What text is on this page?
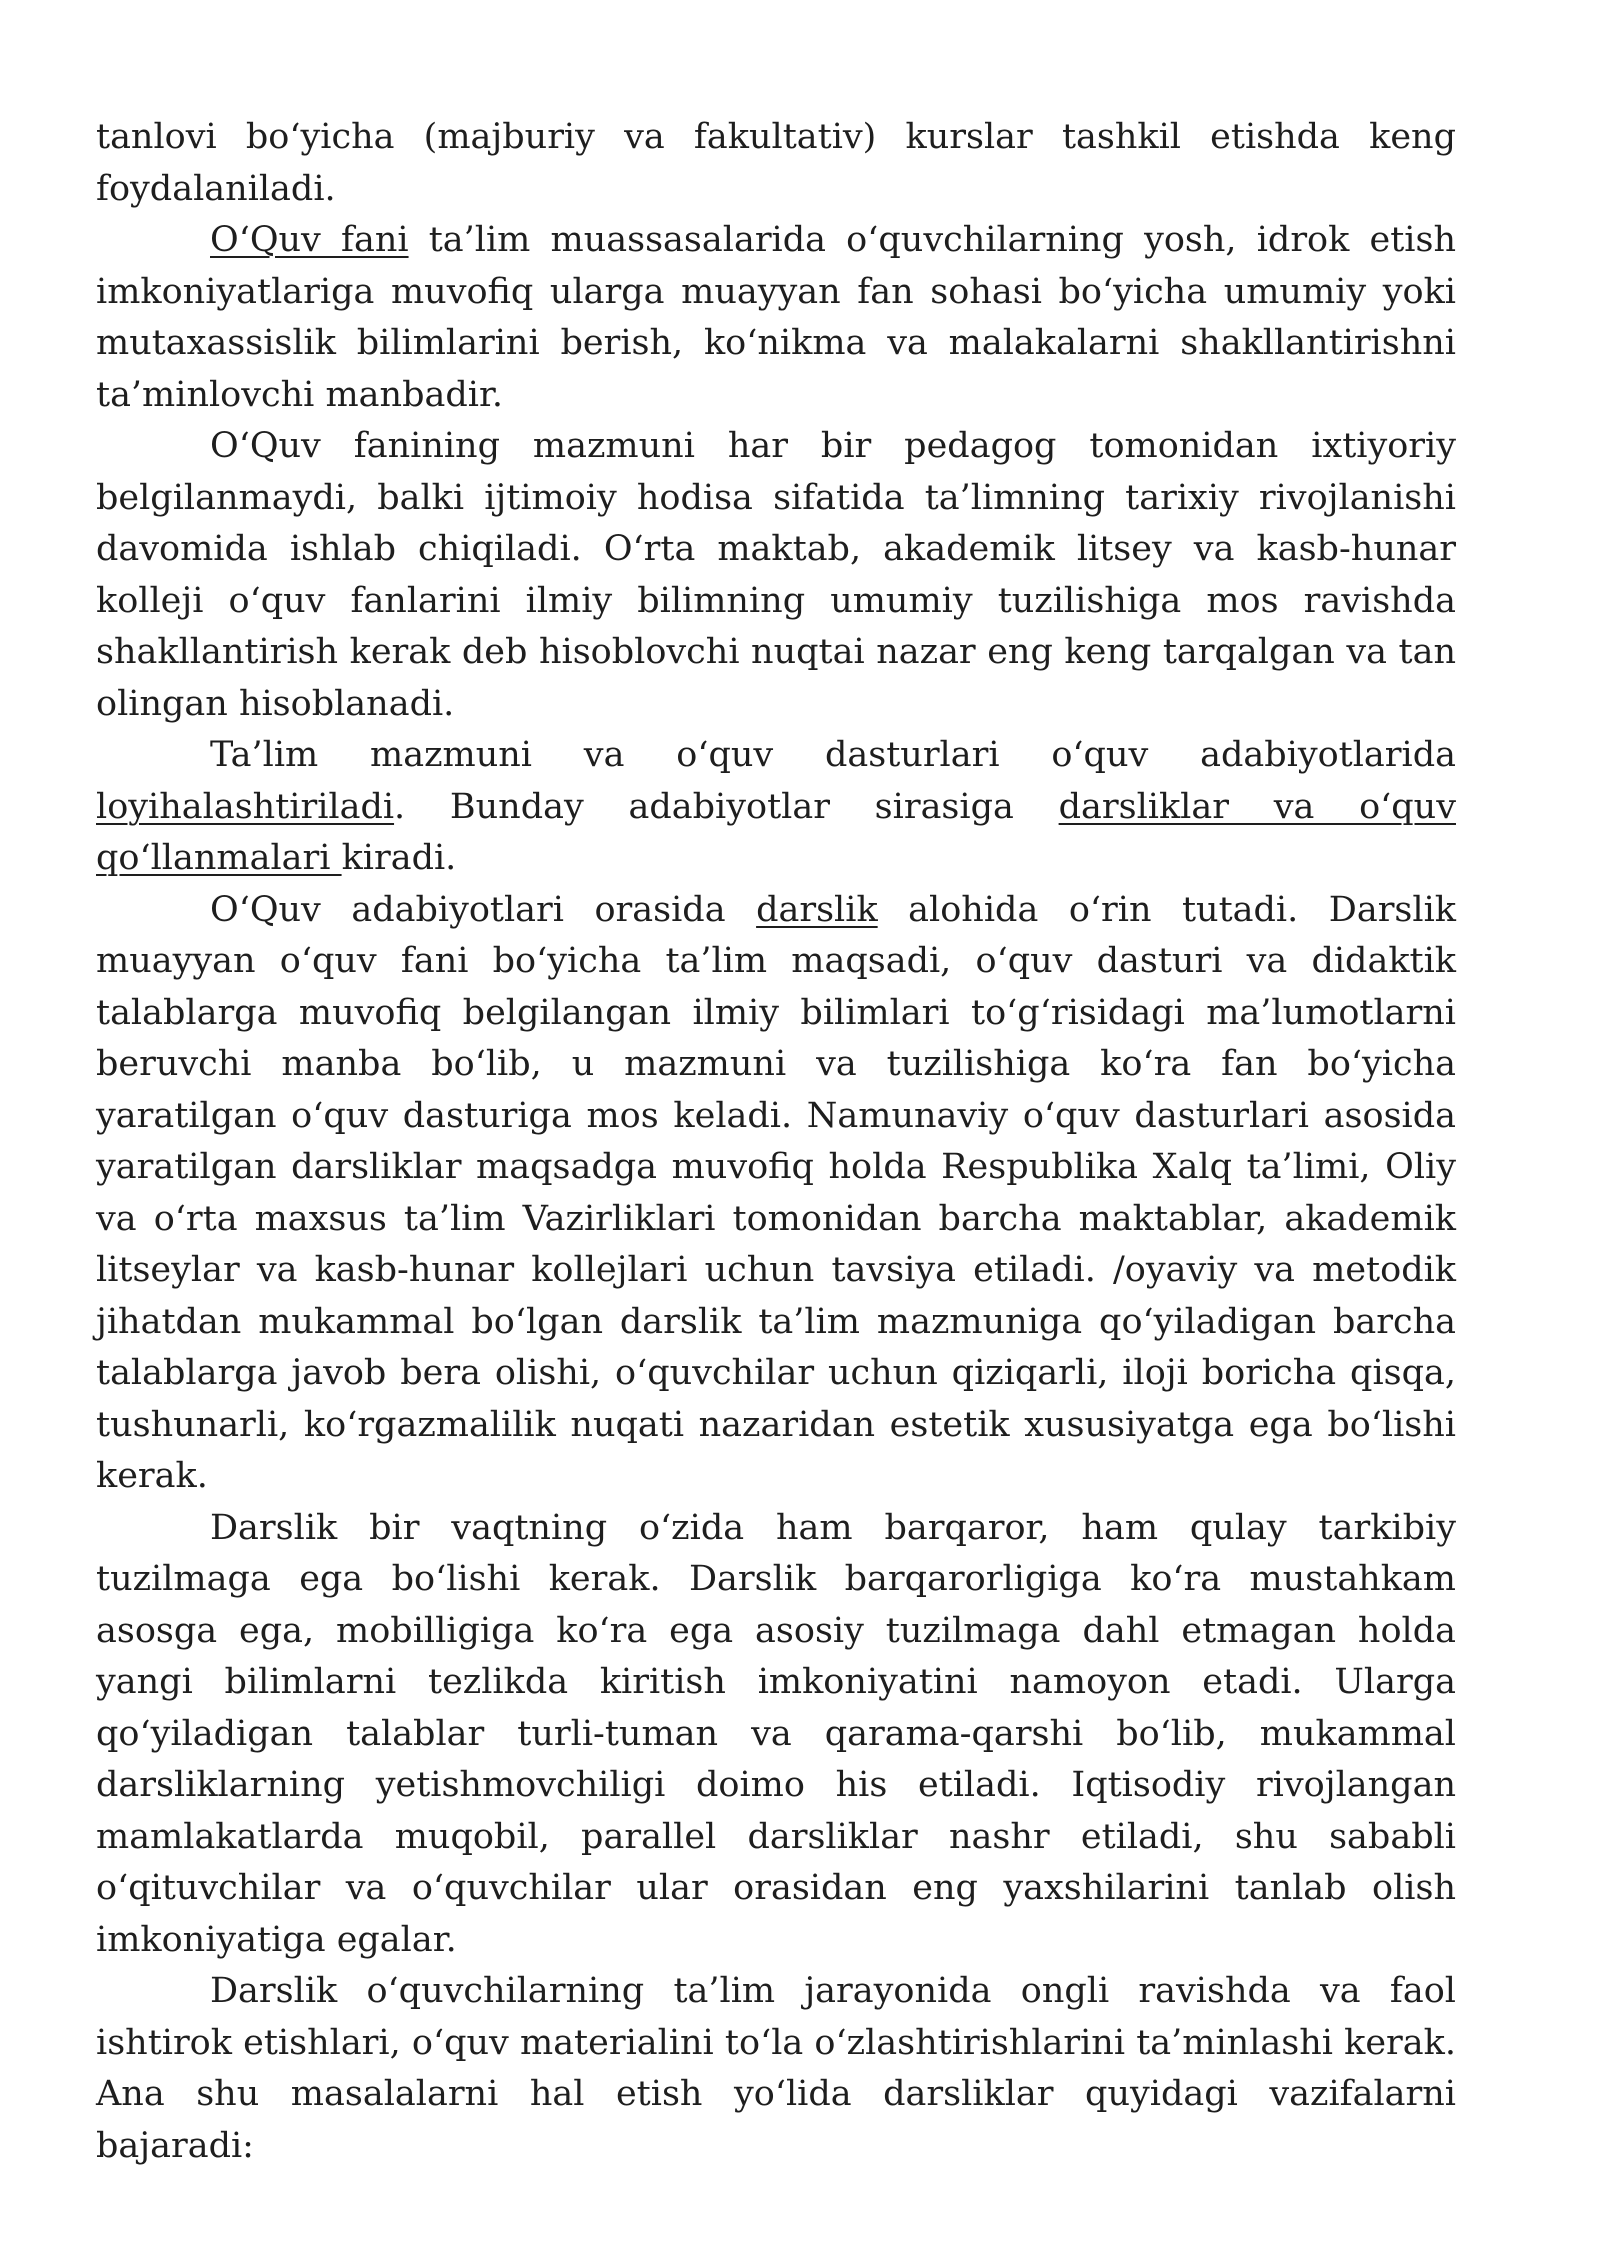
tanlovi bo‘yicha (majburiy va fakultativ) kurslar tashkil etishda keng foydalaniladi.

O‘Quv fani ta’lim muassasalarida o‘quvchilarning yosh, idrok etish imkoniyatlariga muvofiq ularga muayyan fan sohasi bo‘yicha umumiy yoki mutaxassislik bilimlarini berish, ko‘nikma va malakalarni shakllantirishni ta’minlovchi manbadir.

O‘Quv fanining mazmuni har bir pedagog tomonidan ixtiyoriy belgilanmaydi, balki ijtimoiy hodisa sifatida ta’limning tarixiy rivojlanishi davomida ishlab chiqiladi. O‘rta maktab, akademik litsey va kasb-hunar kolleji o‘quv fanlarini ilmiy bilimning umumiy tuzilishiga mos ravishda shakllantirish kerak deb hisoblovchi nuqtai nazar eng keng tarqalgan va tan olingan hisoblanadi.

Ta’lim mazmuni va o‘quv dasturlari o‘quv adabiyotlarida loyihalashtiriladi. Bunday adabiyotlar sirasiga darsliklar va o‘quv qo‘llanmalari kiradi.

O‘Quv adabiyotlari orasida darslik alohida o‘rin tutadi. Darslik muayyan o‘quv fani bo‘yicha ta’lim maqsadi, o‘quv dasturi va didaktik talablarga muvofiq belgilangan ilmiy bilimlari to‘g‘risidagi ma’lumotlarni beruvchi manba bo‘lib, u mazmuni va tuzilishiga ko‘ra fan bo‘yicha yaratilgan o‘quv dasturiga mos keladi. Namunaviy o‘quv dasturlari asosida yaratilgan darsliklar maqsadga muvofiq holda Respublika Xalq ta’limi, Oliy va o‘rta maxsus ta’lim Vazirliklari tomonidan barcha maktablar, akademik litseylar va kasb-hunar kollejlari uchun tavsiya etiladi. /oyaviy va metodik jihatdan mukammal bo‘lgan darslik ta’lim mazmuniga qo‘yiladigan barcha talablarga javob bera olishi, o‘quvchilar uchun qiziqarli, iloji boricha qisqa, tushunarli, ko‘rgazmalilik nuqati nazaridan estetik xususiyatga ega bo‘lishi kerak.

Darslik bir vaqtning o‘zida ham barqaror, ham qulay tarkibiy tuzilmaga ega bo‘lishi kerak. Darslik barqarorligiga ko‘ra mustahkam asosga ega, mobilligiga ko‘ra ega asosiy tuzilmaga dahl etmagan holda yangi bilimlarni tezlikda kiritish imkoniyatini namoyon etadi. Ularga qo‘yiladigan talablar turli-tuman va qarama-qarshi bo‘lib, mukammal darsliklarning yetishmovchiligi doimo his etiladi. Iqtisodiy rivojlangan mamlakatlarda muqobil, parallel darsliklar nashr etiladi, shu sababli o‘qituvchilar va o‘quvchilar ular orasidan eng yaxshilarini tanlab olish imkoniyatiga egalar.

Darslik o‘quvchilarning ta’lim jarayonida ongli ravishda va faol ishtirok etishlari, o‘quv materialini to‘la o‘zlashtirishlarini ta’minlashi kerak. Ana shu masalalarni hal etish yo‘lida darsliklar quyidagi vazifalarni bajaradi:
